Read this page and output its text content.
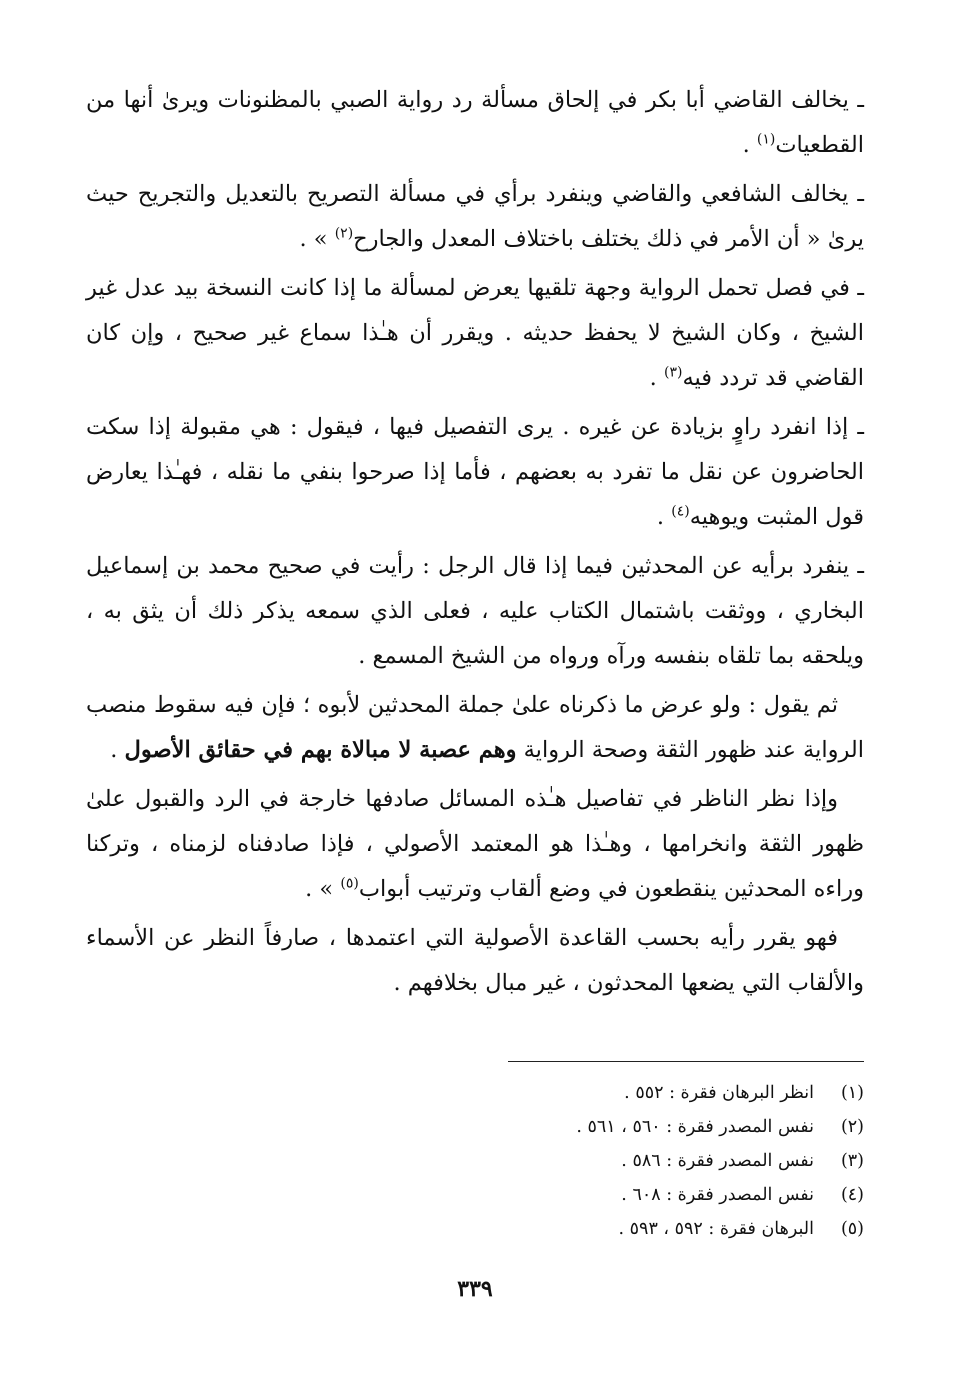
ـ يخالف القاضي أبا بكر في إلحاق مسألة رد رواية الصبي بالمظنونات ويرىٰ أنها من القطعيات$^{(١)}$ .

ـ يخالف الشافعي والقاضي وينفرد برأي في مسألة التصريح بالتعديل والتجريح حيث يرىٰ « أن الأمر في ذلك يختلف باختلاف المعدل والجارح$^{(٢)}$ » .

ـ في فصل تحمل الرواية وجهة تلقيها يعرض لمسألة ما إذا كانت النسخة بيد عدل غير الشيخ ، وكان الشيخ لا يحفظ حديثه . ويقرر أن هـٰذا سماع غير صحيح ، وإن كان القاضي قد تردد فيه$^{(٣)}$ .

ـ إذا انفرد راوٍ بزيادة عن غيره . يرى التفصيل فيها ، فيقول : هي مقبولة إذا سكت الحاضرون عن نقل ما تفرد به بعضهم ، فأما إذا صرحوا بنفي ما نقله ، فهـٰذا يعارض قول المثبت ويوهيه$^{(٤)}$ .

ـ ينفرد برأيه عن المحدثين فيما إذا قال الرجل : رأيت في صحيح محمد بن إسماعيل البخاري ، ووثقت باشتمال الكتاب عليه ، فعلى الذي سمعه يذكر ذلك أن يثق به ، ويلحقه بما تلقاه بنفسه ورآه ورواه من الشيخ المسمع .

ثم يقول : ولو عرض ما ذكرناه علىٰ جملة المحدثين لأبوه ؛ فإن فيه سقوط منصب الرواية عند ظهور الثقة وصحة الرواية وهم عصبة لا مبالاة بهم في حقائق الأصول .

وإذا نظر الناظر في تفاصيل هـٰذه المسائل صادفها خارجة في الرد والقبول علىٰ ظهور الثقة وانخرامها ، وهـٰذا هو المعتمد الأصولي ، فإذا صادفناه لزمناه ، وتركنا وراءه المحدثين ينقطعون في وضع ألقاب وترتيب أبواب$^{(٥)}$ » .

فهو يقرر رأيه بحسب القاعدة الأصولية التي اعتمدها ، صارفاً النظر عن الأسماء والألقاب التي يضعها المحدثون ، غير مبال بخلافهم .

(١)
انظر البرهان فقرة : ٥٥٢ .
(٢)
نفس المصدر فقرة : ٥٦٠ ، ٥٦١ .
(٣)
نفس المصدر فقرة : ٥٨٦ .
(٤)
نفس المصدر فقرة : ٦٠٨ .
(٥)
البرهان فقرة : ٥٩٢ ، ٥٩٣ .
٣٣٩
